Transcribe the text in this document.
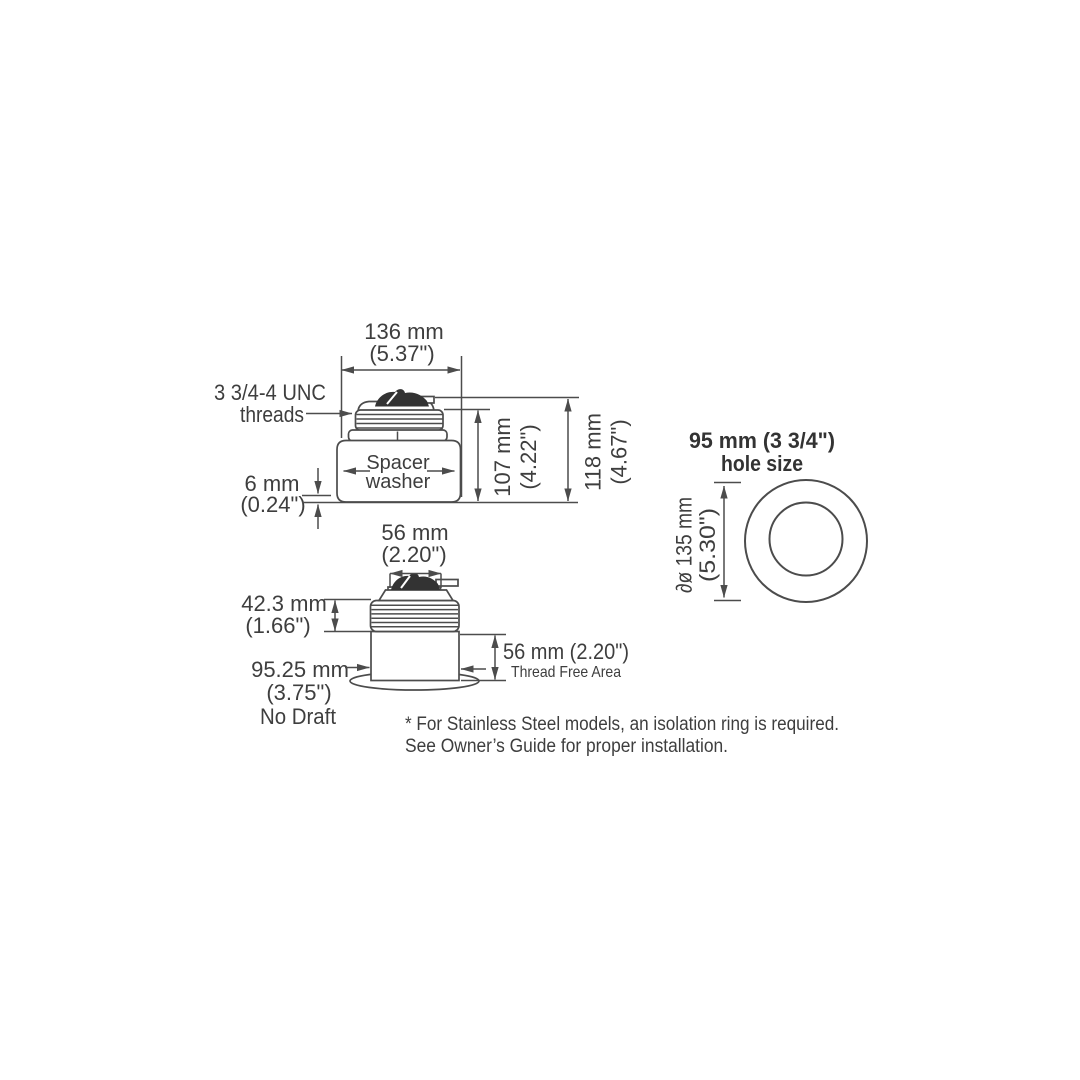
136 mm
(5.37")
3 3/4-4 UNC
threads
Spacer
washer
6 mm
(0.24")
107 mm (4.22") 118 mm (4.67")
56 mm
(2.20")
42.3 mm
(1.66")
95.25 mm
(3.75")
No Draft
56 mm (2.20")
Thread Free Area
95 mm (3 3/4")
hole size
∂ø 135 mm
(5.30")
* For Stainless Steel models, an isolation ring is required.
See Owner’s Guide for proper installation.
